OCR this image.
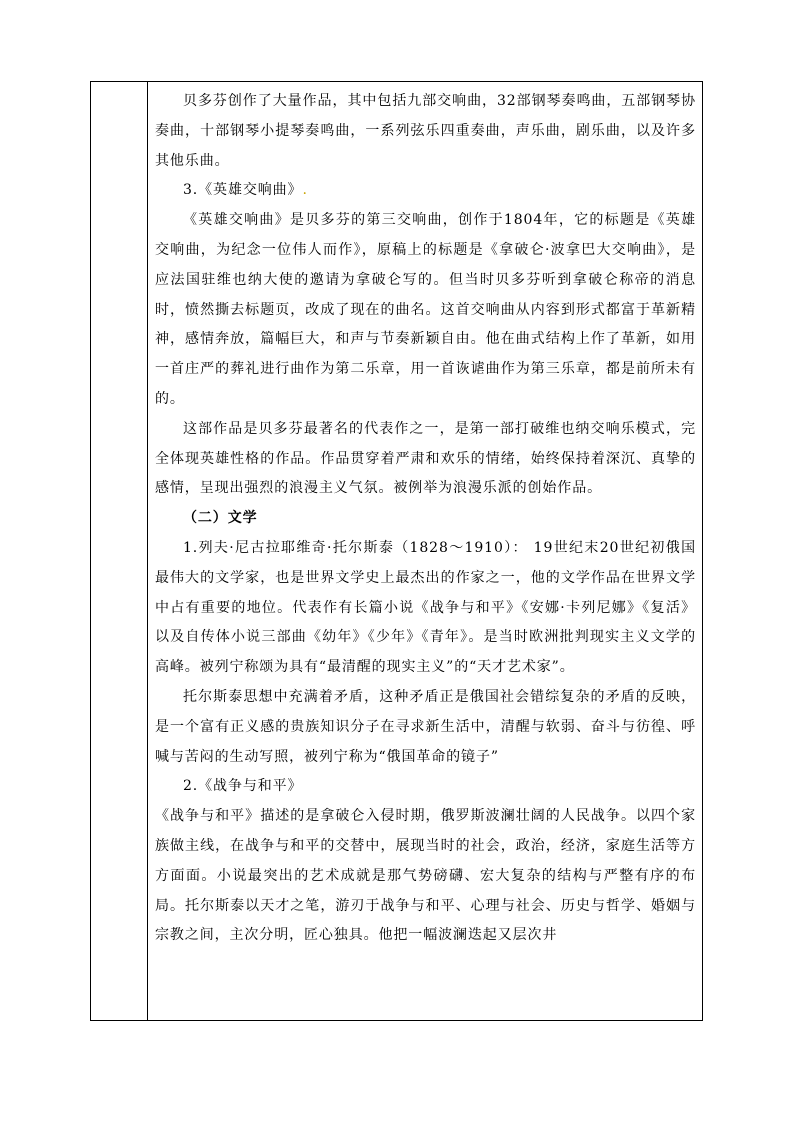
贝多芬创作了大量作品，其中包括九部交响曲，32部钢琴奏鸣曲，五部钢琴协奏曲，十部钢琴小提琴奏鸣曲，一系列弦乐四重奏曲，声乐曲，剧乐曲，以及许多其他乐曲。

3.《英雄交响曲》.

《英雄交响曲》是贝多芬的第三交响曲，创作于1804年，它的标题是《英雄交响曲，为纪念一位伟人而作》，原稿上的标题是《拿破仑·波拿巴大交响曲》，是应法国驻维也纳大使的邀请为拿破仑写的。但当时贝多芬听到拿破仑称帝的消息时，愤然撕去标题页，改成了现在的曲名。这首交响曲从内容到形式都富于革新精神，感情奔放，篇幅巨大，和声与节奏新颖自由。他在曲式结构上作了革新，如用一首庄严的葬礼进行曲作为第二乐章，用一首诙谑曲作为第三乐章，都是前所未有的。

这部作品是贝多芬最著名的代表作之一，是第一部打破维也纳交响乐模式，完全体现英雄性格的作品。作品贯穿着严肃和欢乐的情绪，始终保持着深沉、真挚的感情，呈现出强烈的浪漫主义气氛。被例举为浪漫乐派的创始作品。

（二）文学

1.列夫·尼古拉耶维奇·托尔斯泰（1828～1910）： 19世纪末20世纪初俄国最伟大的文学家，也是世界文学史上最杰出的作家之一，他的文学作品在世界文学中占有重要的地位。代表作有长篇小说《战争与和平》《安娜·卡列尼娜》《复活》以及自传体小说三部曲《幼年》《少年》《青年》。是当时欧洲批判现实主义文学的高峰。被列宁称颂为具有“最清醒的现实主义”的“天才艺术家”。

托尔斯泰思想中充满着矛盾，这种矛盾正是俄国社会错综复杂的矛盾的反映，是一个富有正义感的贵族知识分子在寻求新生活中，清醒与软弱、奋斗与彷徨、呼喊与苦闷的生动写照，被列宁称为“俄国革命的镜子”

2.《战争与和平》

《战争与和平》描述的是拿破仑入侵时期，俄罗斯波澜壮阔的人民战争。以四个家族做主线，在战争与和平的交替中，展现当时的社会，政治，经济，家庭生活等方方面面。小说最突出的艺术成就是那气势磅礴、宏大复杂的结构与严整有序的布局。托尔斯泰以天才之笔，游刃于战争与和平、心理与社会、历史与哲学、婚姻与宗教之间，主次分明，匠心独具。他把一幅波澜迭起又层次井
